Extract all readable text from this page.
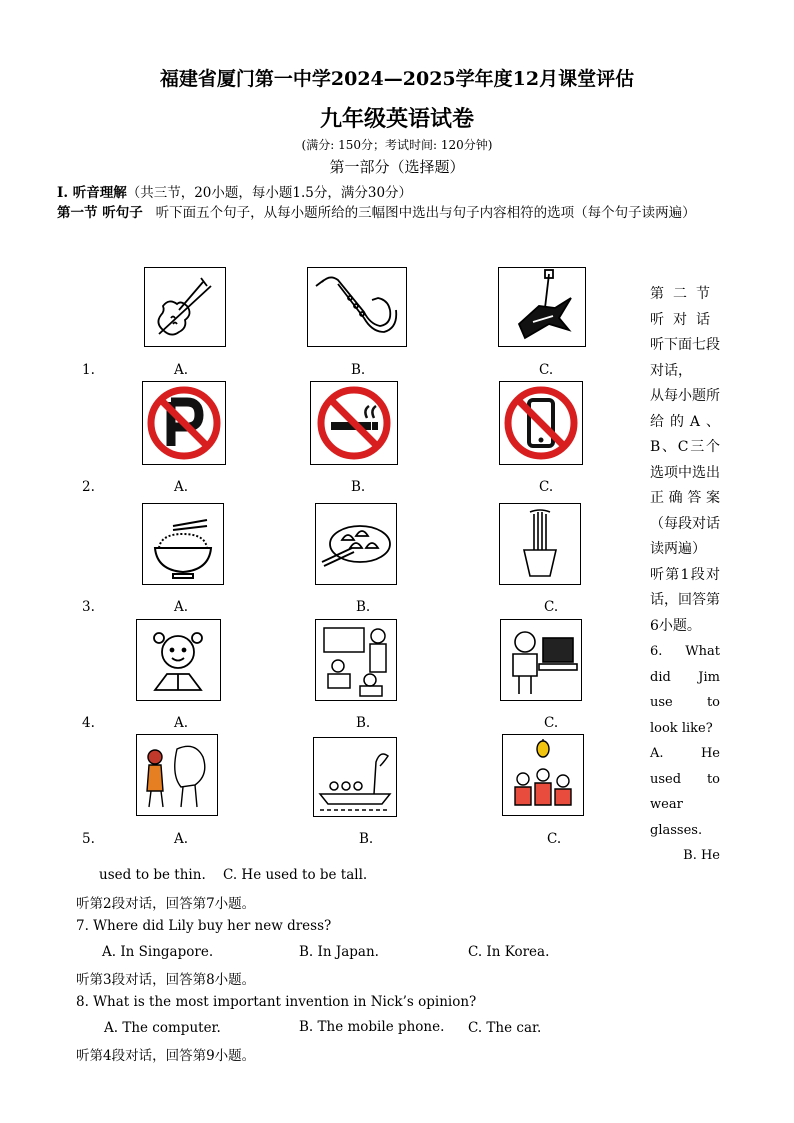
福建省厦门第一中学2024—2025学年度12月课堂评估
九年级英语试卷
(满分: 150分；考试时间: 120分钟)
第一部分（选择题）
I. 听音理解（共三节，20小题，每小题1.5分，满分30分）
第一节 听句子 听下面五个句子，从每小题所给的三幅图中选出与句子内容相符的选项（每个句子读两遍）
1.	A.	B.	C.
2.	A.	B.	C.
3.	A.	B.	C.
4.	A.	B.	C.
5.	A.	B.	C.
第二节
听对话
听下面七段对话，
从每小题所给的A、B、C三个选项中选出正确答案（每段对话读两遍）
听第1段对话，回答第6小题。
6. What did Jim use to look like?
A. He used to wear glasses.
B. He
used to be thin. C. He used to be tall.
听第2段对话，回答第7小题。
7. Where did Lily buy her new dress?
A. In Singapore.	B. In Japan.	C. In Korea.
听第3段对话，回答第8小题。
8. What is the most important invention in Nick’s opinion?
A. The computer.	B. The mobile phone. C. The car.
听第4段对话，回答第9小题。
